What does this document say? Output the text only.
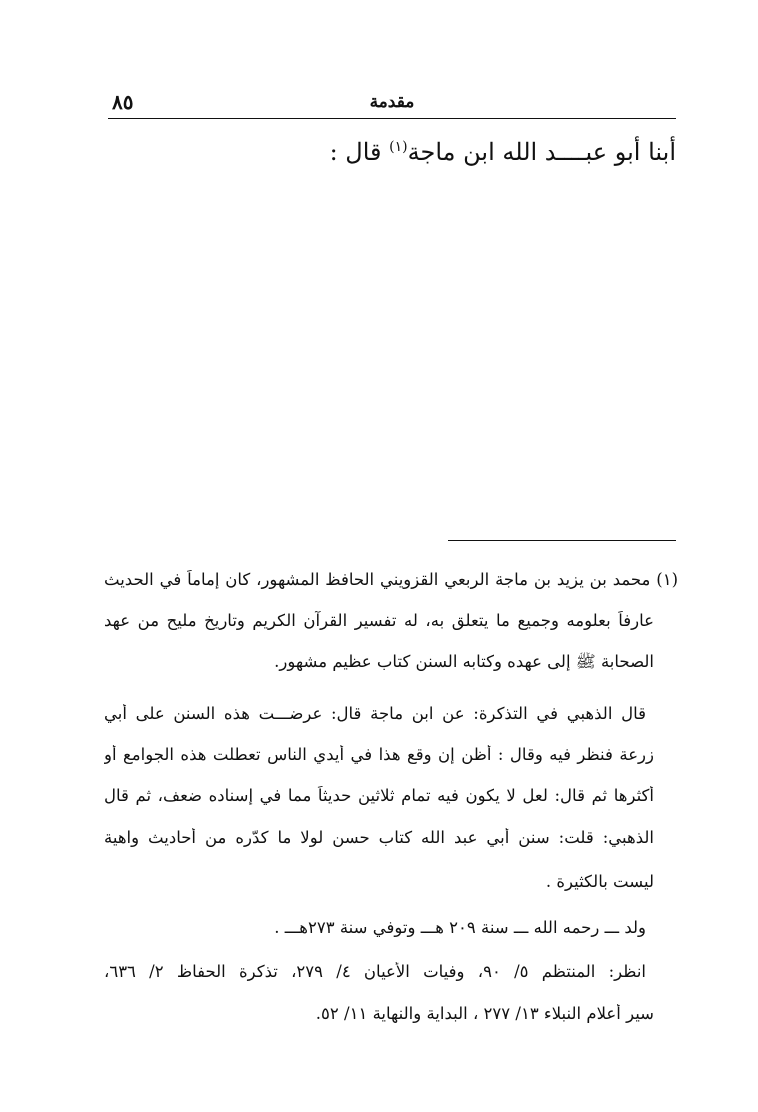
مقدمة
٨٥
أبنا أبو عبــــد الله ابن ماجة$^{(١)}$ قال :
(١) محمد بن يزيد بن ماجة الربعي القزويني الحافظ المشهور، كان إماماً في الحديث
عارفاً بعلومه وجميع ما يتعلق به، له تفسير القرآن الكريم وتاريخ مليح من عهد
الصحابة ﷺ إلى عهده وكتابه السنن كتاب عظيم مشهور.
قال الذهبي في التذكرة: عن ابن ماجة قال: عرضـــت هذه السنن على أبي
زرعة فنظر فيه وقال : أظن إن وقع هذا في أيدي الناس تعطلت هذه الجوامع أو
أكثرها ثم قال: لعل لا يكون فيه تمام ثلاثين حديثاً مما في إسناده ضعف، ثم قال
الذهبي: قلت: سنن أبي عبد الله كتاب حسن لولا ما كدّره من أحاديث واهية
ليست بالكثيرة .
ولد ـــ رحمه الله ـــ سنة ٢٠٩ هـــ وتوفي سنة ٢٧٣هـــ .
انظر: المنتظم ٥/ ٩٠، وفيات الأعيان ٤/ ٢٧٩، تذكرة الحفاظ ٢/ ٦٣٦،
سير أعلام النبلاء ١٣/ ٢٧٧ ، البداية والنهاية ١١/ ٥٢.
